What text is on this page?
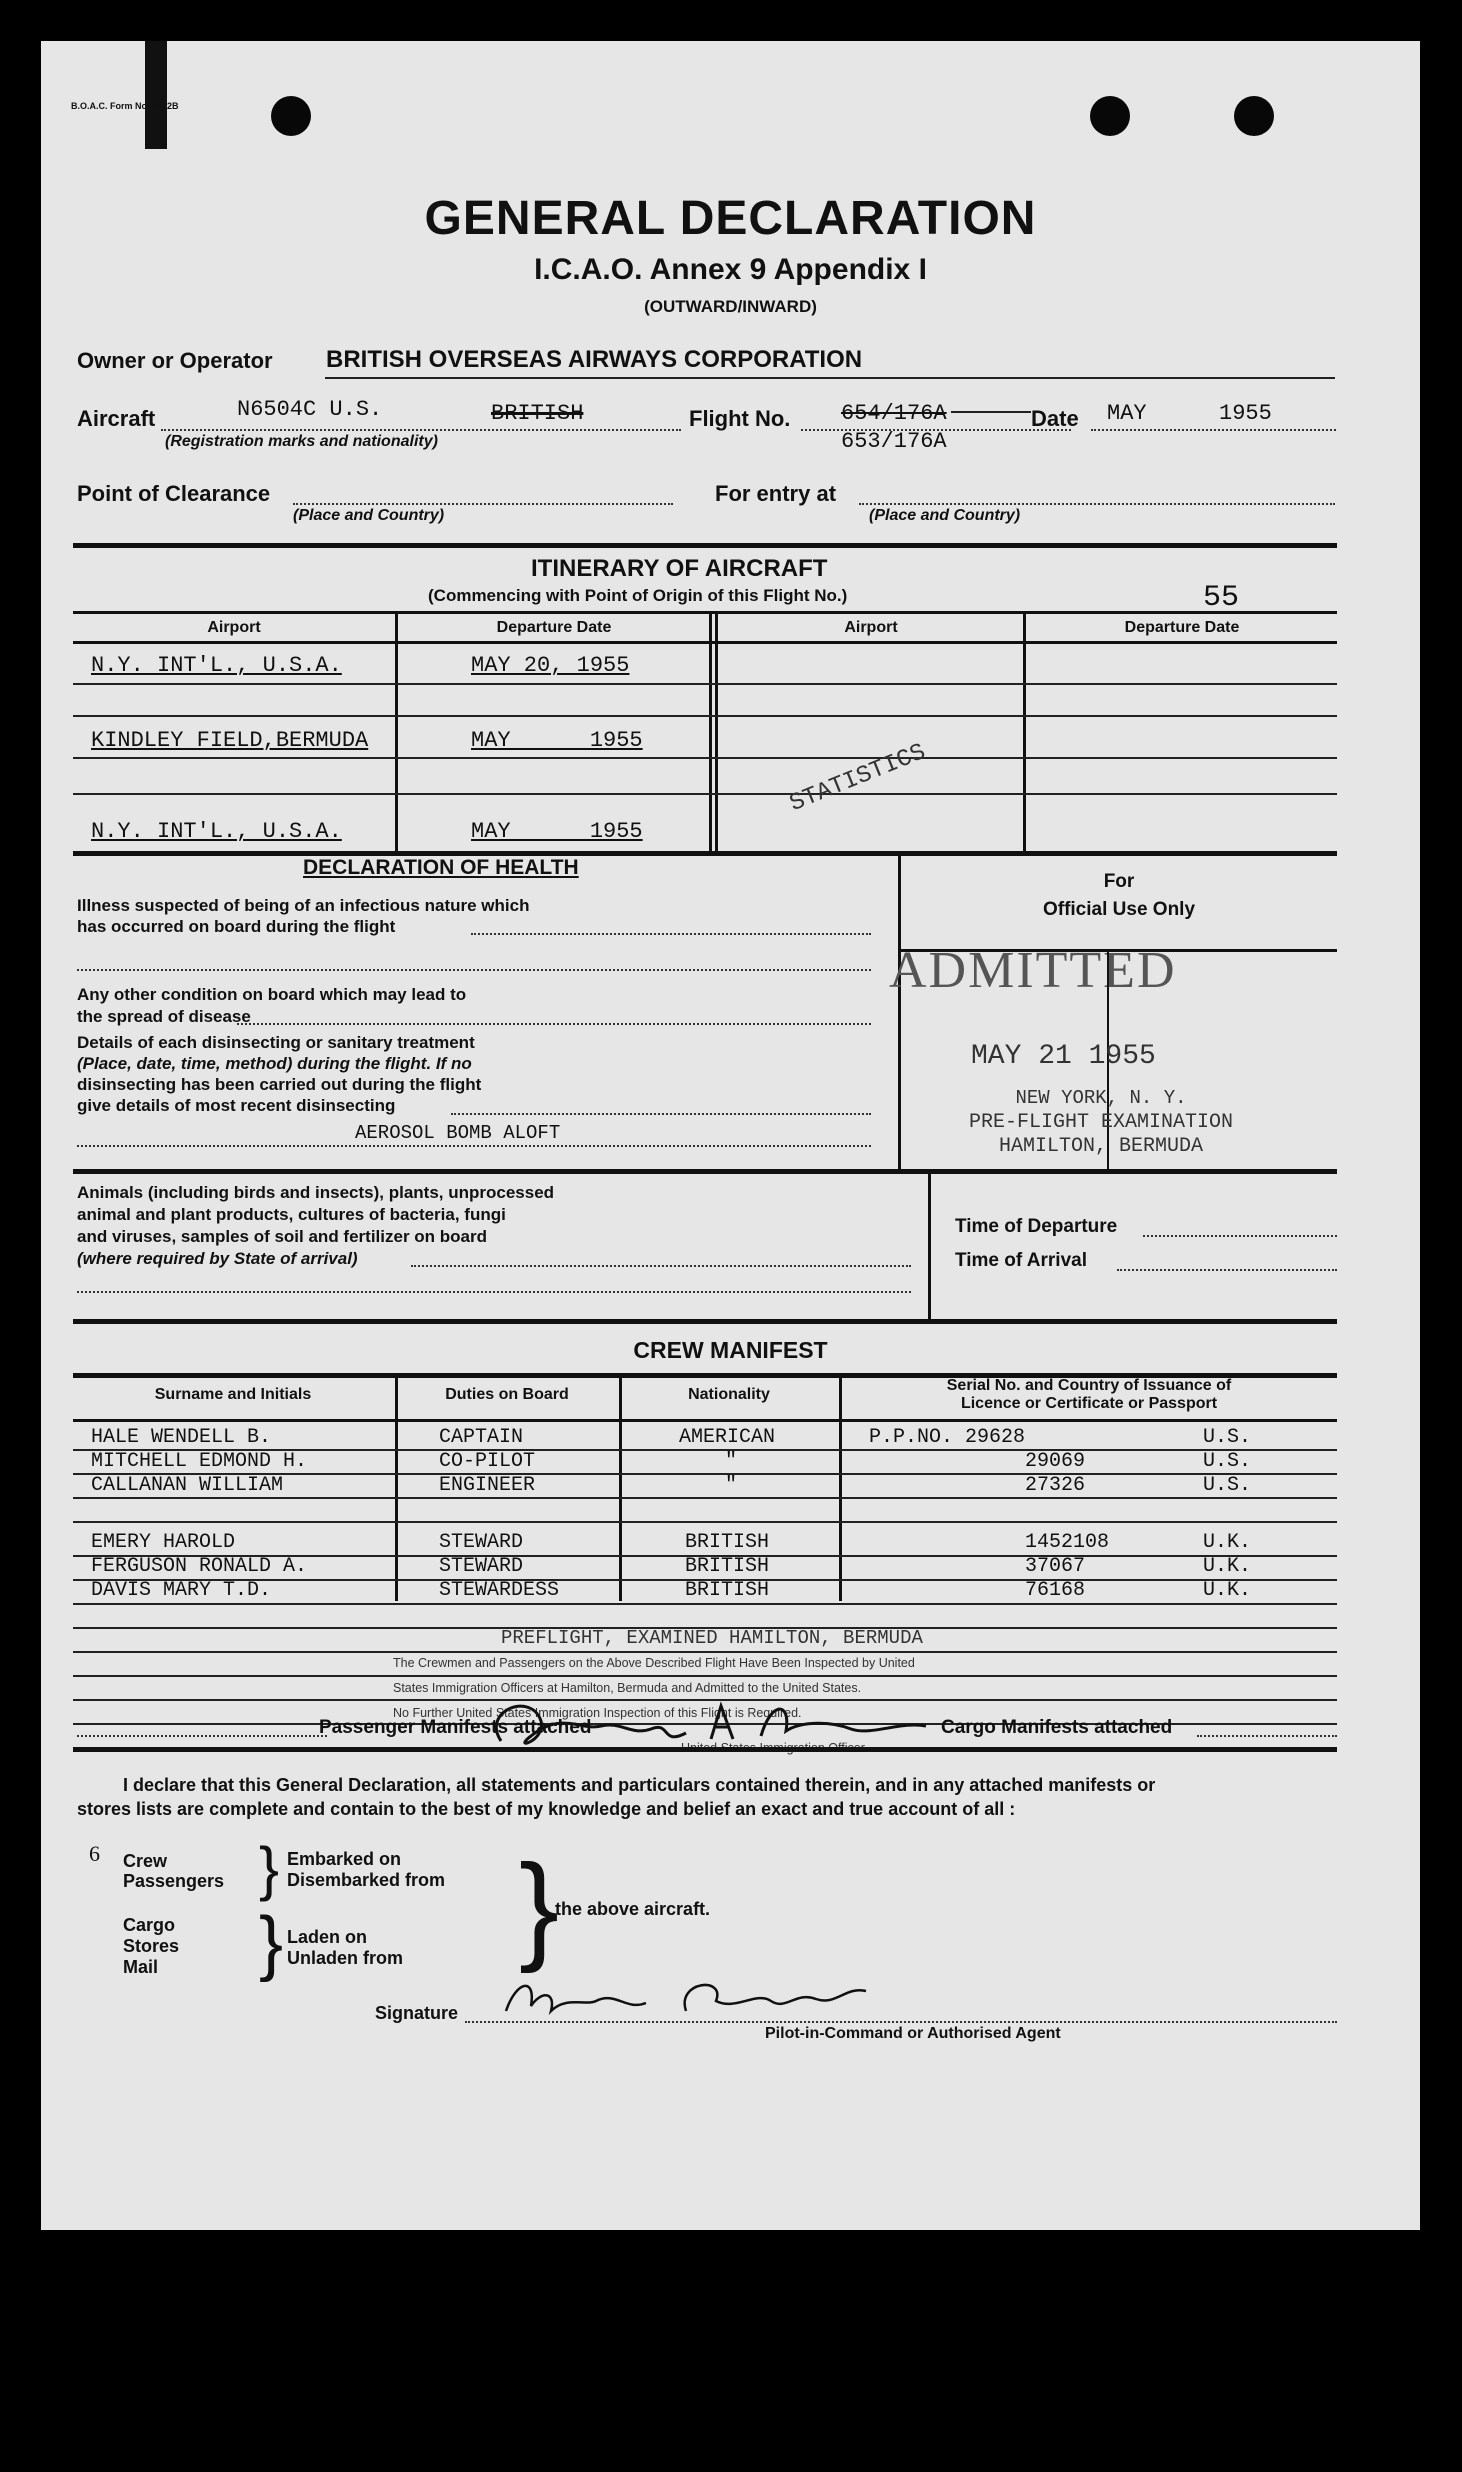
B.O.A.C. Form No. 4612B
GENERAL DECLARATION
I.C.A.O. Annex 9 Appendix I
(OUTWARD/INWARD)
Owner or Operator BRITISH OVERSEAS AIRWAYS CORPORATION
Aircraft	N6504C U.S.	BRITISH
(Registration marks and nationality)
Flight No. 654/176A
653/176A
Date MAY	1955
Point of Clearance
(Place and Country)
For entry at
(Place and Country)
ITINERARY OF AIRCRAFT
(Commencing with Point of Origin of this Flight No.)	55
Airport	Departure Date	Airport	Departure Date
N.Y. INT'L., U.S.A.	MAY 20, 1955
KINDLEY FIELD,BERMUDA	MAY      1955
N.Y. INT'L., U.S.A.	MAY      1955
STATISTICS
DECLARATION OF HEALTH
Illness suspected of being of an infectious nature which
has occurred on board during the flight
Any other condition on board which may lead to
the spread of disease
Details of each disinsecting or sanitary treatment
(Place, date, time, method) during the flight. If no
disinsecting has been carried out during the flight
give details of most recent disinsecting
AEROSOL BOMB ALOFT
For
Official Use Only
ADMITTED
MAY 21 1955
NEW YORK, N. Y.
PRE-FLIGHT EXAMINATION
HAMILTON, BERMUDA
Animals (including birds and insects), plants, unprocessed
animal and plant products, cultures of bacteria, fungi
and viruses, samples of soil and fertilizer on board
(where required by State of arrival)
Time of Departure
Time of Arrival
CREW MANIFEST
Surname and Initials	Duties on Board	Nationality
Serial No. and Country of Issuance of
Licence or Certificate or Passport
HALE WENDELL B.	CAPTAIN	AMERICAN	P.P.NO. 29628	U.S.
MITCHELL EDMOND H.	CO-PILOT	"	29069	U.S.
CALLANAN WILLIAM	ENGINEER	"	27326	U.S.
EMERY HAROLD	STEWARD	BRITISH	1452108	U.K.
FERGUSON RONALD A.	STEWARD	BRITISH	37067	U.K.
DAVIS MARY T.D.	STEWARDESS	BRITISH	76168	U.K.
PREFLIGHT, EXAMINED HAMILTON, BERMUDA
The Crewmen and Passengers on the Above Described Flight Have Been Inspected by United
States Immigration Officers at Hamilton, Bermuda and Admitted to the United States.
No Further United States Immigration Inspection of this Flight is Required.
United States Immigration Officer
Passenger Manifests attached	Cargo Manifests attached
I declare that this General Declaration, all statements and particulars contained therein, and in any attached manifests or
stores lists are complete and contain to the best of my knowledge and belief an exact and true account of all :
6 Crew
Passengers } Embarked on
Disembarked from
Cargo
Stores
Mail } Laden on
Unladen from }
the above aircraft.
Signature
Pilot-in-Command or Authorised Agent
